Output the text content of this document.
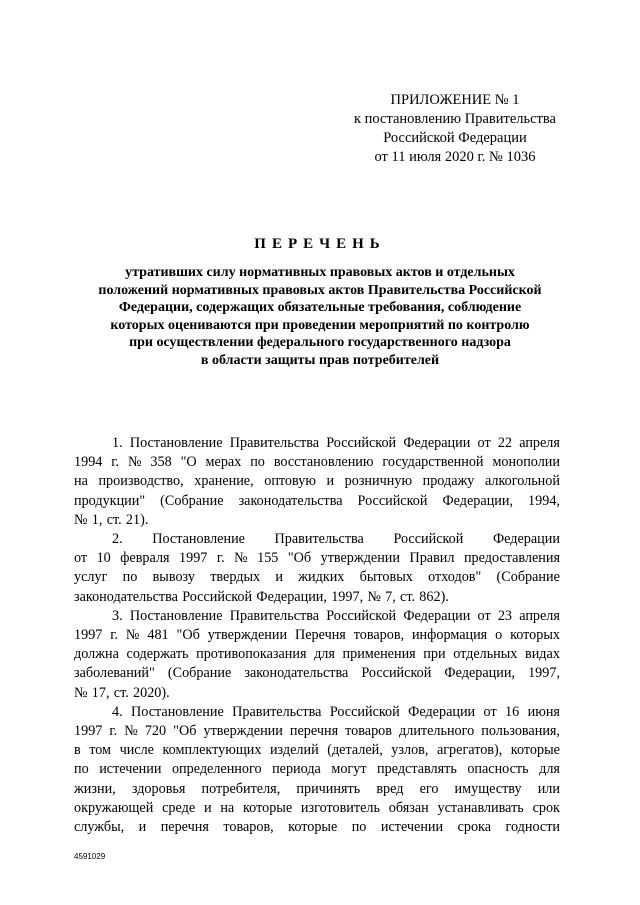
ПРИЛОЖЕНИЕ № 1
к постановлению Правительства
Российской Федерации
от 11 июля 2020 г. № 1036
ПЕРЕЧЕНЬ
утративших силу нормативных правовых актов и отдельных
положений нормативных правовых актов Правительства Российской
Федерации, содержащих обязательные требования, соблюдение
которых оцениваются при проведении мероприятий по контролю
при осуществлении федерального государственного надзора
в области защиты прав потребителей
1. Постановление Правительства Российской Федерации от 22 апреля
1994 г. № 358 "О мерах по восстановлению государственной монополии
на производство, хранение, оптовую и розничную продажу алкогольной
продукции" (Собрание законодательства Российской Федерации, 1994,
№ 1, ст. 21).
2. Постановление Правительства Российской Федерации
от 10 февраля 1997 г. № 155 "Об утверждении Правил предоставления
услуг по вывозу твердых и жидких бытовых отходов" (Собрание
законодательства Российской Федерации, 1997, № 7, ст. 862).
3. Постановление Правительства Российской Федерации от 23 апреля
1997 г. № 481 "Об утверждении Перечня товаров, информация о которых
должна содержать противопоказания для применения при отдельных видах
заболеваний" (Собрание законодательства Российской Федерации, 1997,
№ 17, ст. 2020).
4. Постановление Правительства Российской Федерации от 16 июня
1997 г. № 720 "Об утверждении перечня товаров длительного пользования,
в том числе комплектующих изделий (деталей, узлов, агрегатов), которые
по истечении определенного периода могут представлять опасность для
жизни, здоровья потребителя, причинять вред его имуществу или
окружающей среде и на которые изготовитель обязан устанавливать срок
службы, и перечня товаров, которые по истечении срока годности
4591029
